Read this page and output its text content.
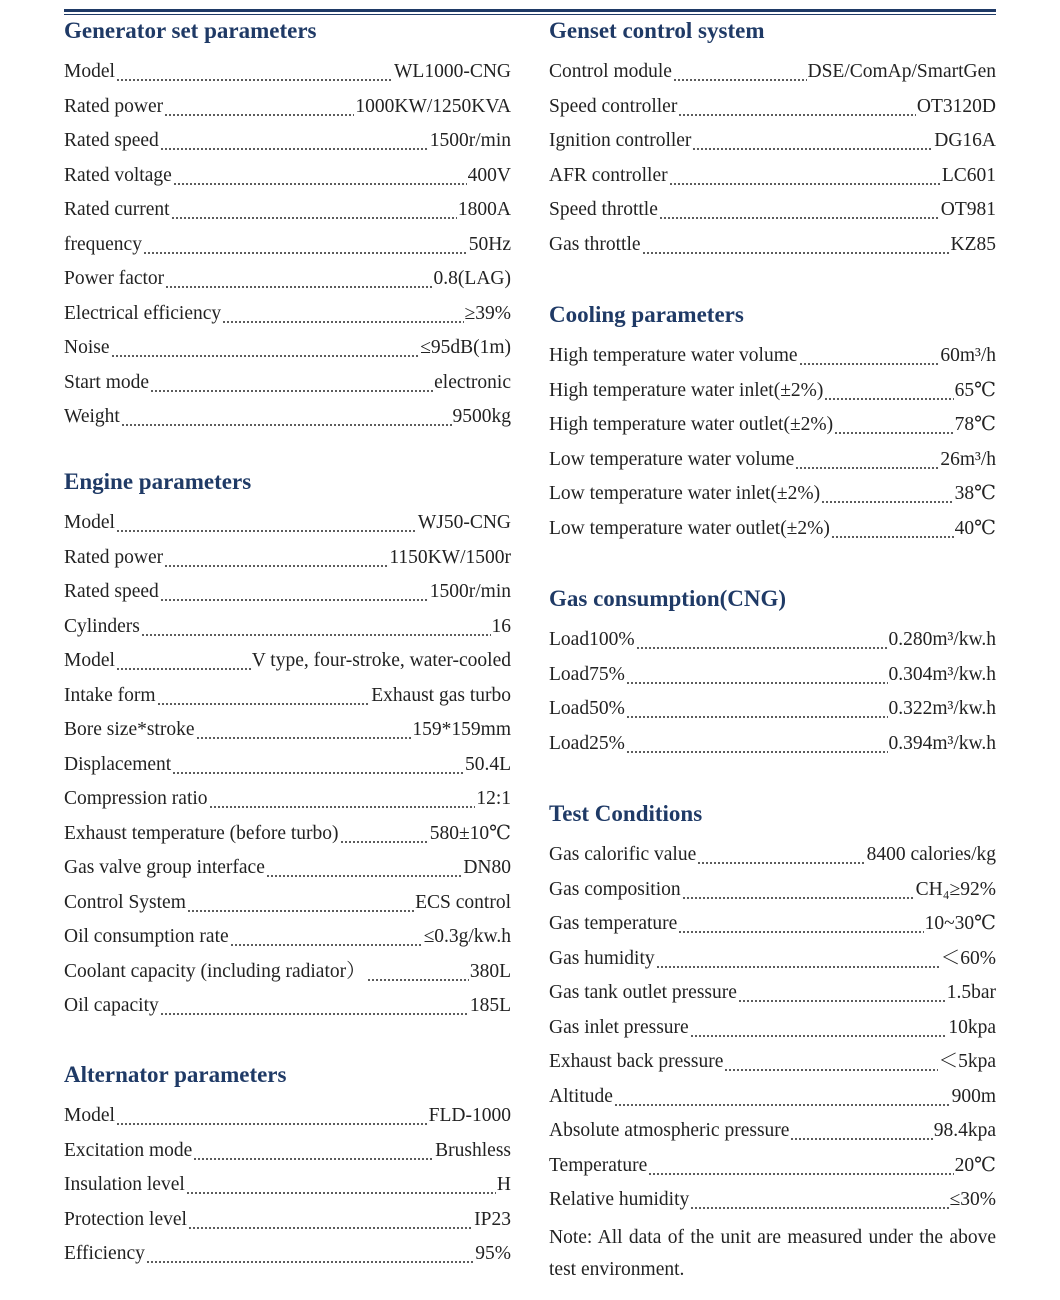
Generator set parameters
Model	WL1000-CNG
Rated power	1000KW/1250KVA
Rated speed	1500r/min
Rated voltage	400V
Rated current	1800A
frequency	50Hz
Power factor	0.8(LAG)
Electrical efficiency	≥39%
Noise	≤95dB(1m)
Start mode	electronic
Weight	9500kg
Engine parameters
Model	WJ50-CNG
Rated power	1150KW/1500r
Rated speed	1500r/min
Cylinders	16
Model	V type, four-stroke, water-cooled
Intake form	Exhaust gas turbo
Bore size*stroke	159*159mm
Displacement	50.4L
Compression ratio	12:1
Exhaust temperature (before turbo)	580±10℃
Gas valve group interface	DN80
Control System	ECS control
Oil consumption rate	≤0.3g/kw.h
Coolant capacity (including radiator）	380L
Oil capacity	185L
Alternator parameters
Model	FLD-1000
Excitation mode	Brushless
Insulation level	H
Protection level	IP23
Efficiency	95%
Genset control system
Control module	DSE/ComAp/SmartGen
Speed controller	OT3120D
Ignition controller	DG16A
AFR controller	LC601
Speed throttle	OT981
Gas throttle	KZ85
Cooling parameters
High temperature water volume	60m³/h
High temperature water inlet(±2%)	65℃
High temperature water outlet(±2%)	78℃
Low temperature water volume	26m³/h
Low temperature water inlet(±2%)	38℃
Low temperature water outlet(±2%)	40℃
Gas consumption(CNG)
Load100%	0.280m³/kw.h
Load75%	0.304m³/kw.h
Load50%	0.322m³/kw.h
Load25%	0.394m³/kw.h
Test Conditions
Gas calorific value	8400 calories/kg
Gas composition	CH₄≥92%
Gas temperature	10~30℃
Gas humidity	＜60%
Gas tank outlet pressure	1.5bar
Gas inlet pressure	10kpa
Exhaust back pressure	＜5kpa
Altitude	900m
Absolute atmospheric pressure	98.4kpa
Temperature	20℃
Relative humidity	≤30%
Note: All data of the unit are measured under the above test environment.
